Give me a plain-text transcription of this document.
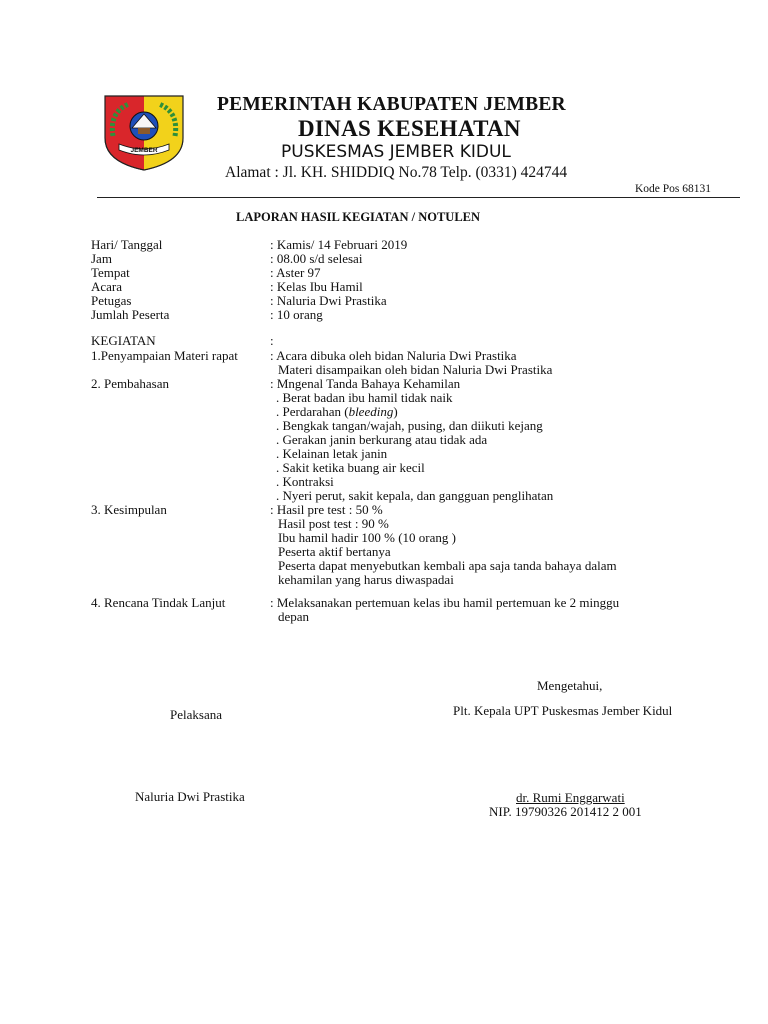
JEMBER
PEMERINTAH KABUPATEN JEMBER
DINAS KESEHATAN
PUSKESMAS JEMBER KIDUL
Alamat : Jl. KH. SHIDDIQ No.78 Telp. (0331) 424744
Kode Pos 68131
LAPORAN HASIL KEGIATAN / NOTULEN
Hari/ Tanggal	: Kamis/ 14 Februari 2019
Jam	: 08.00 s/d selesai
Tempat	: Aster 97
Acara	: Kelas Ibu Hamil
Petugas	: Naluria Dwi Prastika
Jumlah Peserta	: 10 orang
KEGIATAN	:
1.Penyampaian Materi rapat : Acara dibuka oleh bidan Naluria Dwi Prastika
Materi disampaikan oleh bidan Naluria Dwi Prastika
2. Pembahasan	: Mngenal Tanda Bahaya Kehamilan
. Berat badan ibu hamil tidak naik
. Perdarahan (bleeding)
. Bengkak tangan/wajah, pusing, dan diikuti kejang
. Gerakan janin berkurang atau tidak ada
. Kelainan letak janin
. Sakit ketika buang air kecil
. Kontraksi
. Nyeri perut, sakit kepala, dan gangguan penglihatan
3. Kesimpulan	: Hasil pre test : 50 %
Hasil post test : 90 %
Ibu hamil hadir 100 % (10 orang )
Peserta aktif bertanya
Peserta dapat menyebutkan kembali apa saja tanda bahaya dalam
kehamilan yang harus diwaspadai
4. Rencana Tindak Lanjut	: Melaksanakan pertemuan kelas ibu hamil pertemuan ke 2 minggu
depan
Mengetahui,
Pelaksana	Plt. Kepala UPT Puskesmas Jember Kidul
Naluria Dwi Prastika	dr. Rumi Enggarwati
NIP. 19790326 201412 2 001
